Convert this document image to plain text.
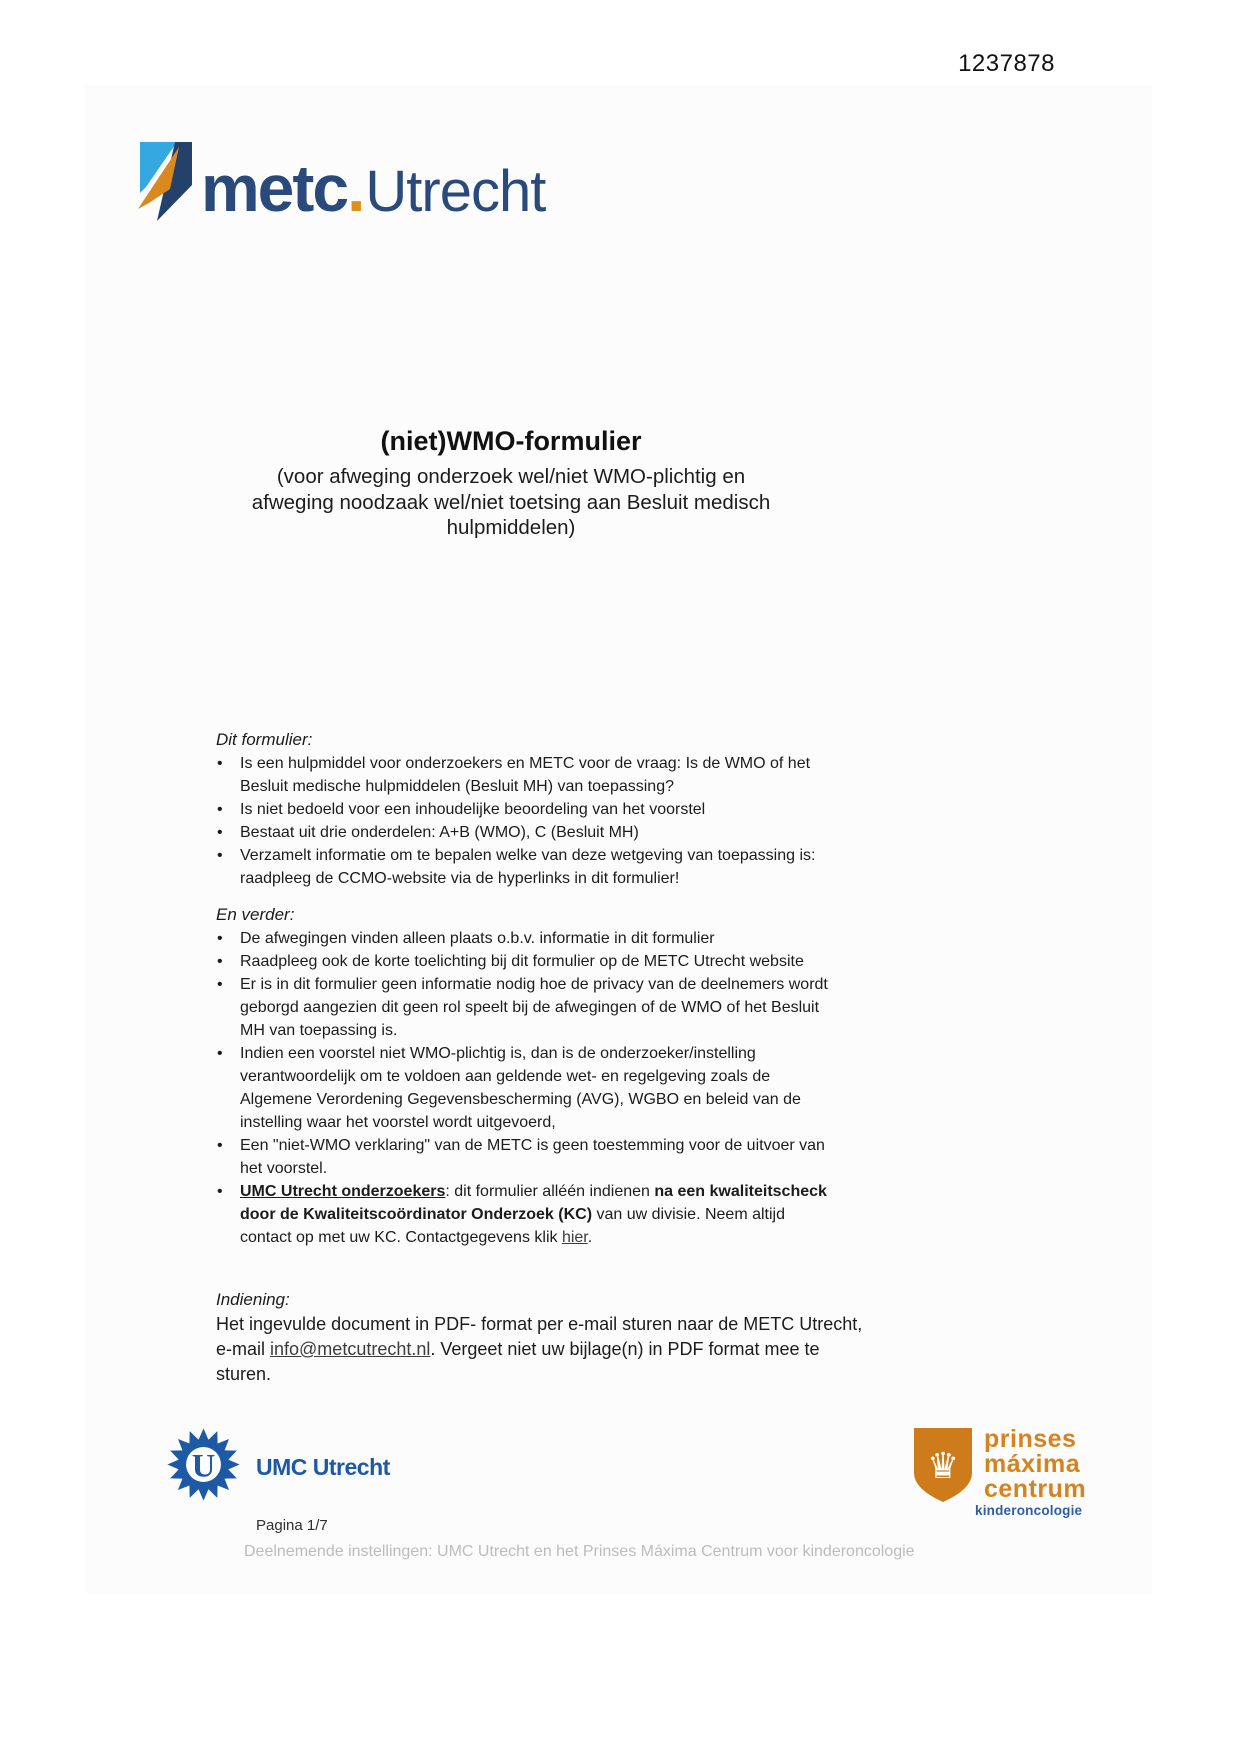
1237878
metc.Utrecht
(niet)WMO-formulier
(voor afweging onderzoek wel/niet WMO-plichtig en
afweging noodzaak wel/niet toetsing aan Besluit medisch
hulpmiddelen)
Dit formulier:
• Is een hulpmiddel voor onderzoekers en METC voor de vraag: Is de WMO of het Besluit medische hulpmiddelen (Besluit MH) van toepassing?
• Is niet bedoeld voor een inhoudelijke beoordeling van het voorstel
• Bestaat uit drie onderdelen: A+B (WMO), C (Besluit MH)
• Verzamelt informatie om te bepalen welke van deze wetgeving van toepassing is: raadpleeg de CCMO-website via de hyperlinks in dit formulier!
En verder:
• De afwegingen vinden alleen plaats o.b.v. informatie in dit formulier
• Raadpleeg ook de korte toelichting bij dit formulier op de METC Utrecht website
• Er is in dit formulier geen informatie nodig hoe de privacy van de deelnemers wordt geborgd aangezien dit geen rol speelt bij de afwegingen of de WMO of het Besluit MH van toepassing is.
• Indien een voorstel niet WMO-plichtig is, dan is de onderzoeker/instelling verantwoordelijk om te voldoen aan geldende wet- en regelgeving zoals de Algemene Verordening Gegevensbescherming (AVG), WGBO en beleid van de instelling waar het voorstel wordt uitgevoerd,
• Een "niet-WMO verklaring" van de METC is geen toestemming voor de uitvoer van het voorstel.
• UMC Utrecht onderzoekers: dit formulier alléén indienen na een kwaliteitscheck door de Kwaliteitscoördinator Onderzoek (KC) van uw divisie. Neem altijd contact op met uw KC. Contactgegevens klik hier.
Indiening:
Het ingevulde document in PDF- format per e-mail sturen naar de METC Utrecht, e-mail info@metcutrecht.nl. Vergeet niet uw bijlage(n) in PDF format mee te sturen.
U UMC Utrecht
Pagina 1/7
Deelnemende instellingen: UMC Utrecht en het Prinses Máxima Centrum voor kinderoncologie
♛
prinses
máxima
centrum
kinderoncologie
